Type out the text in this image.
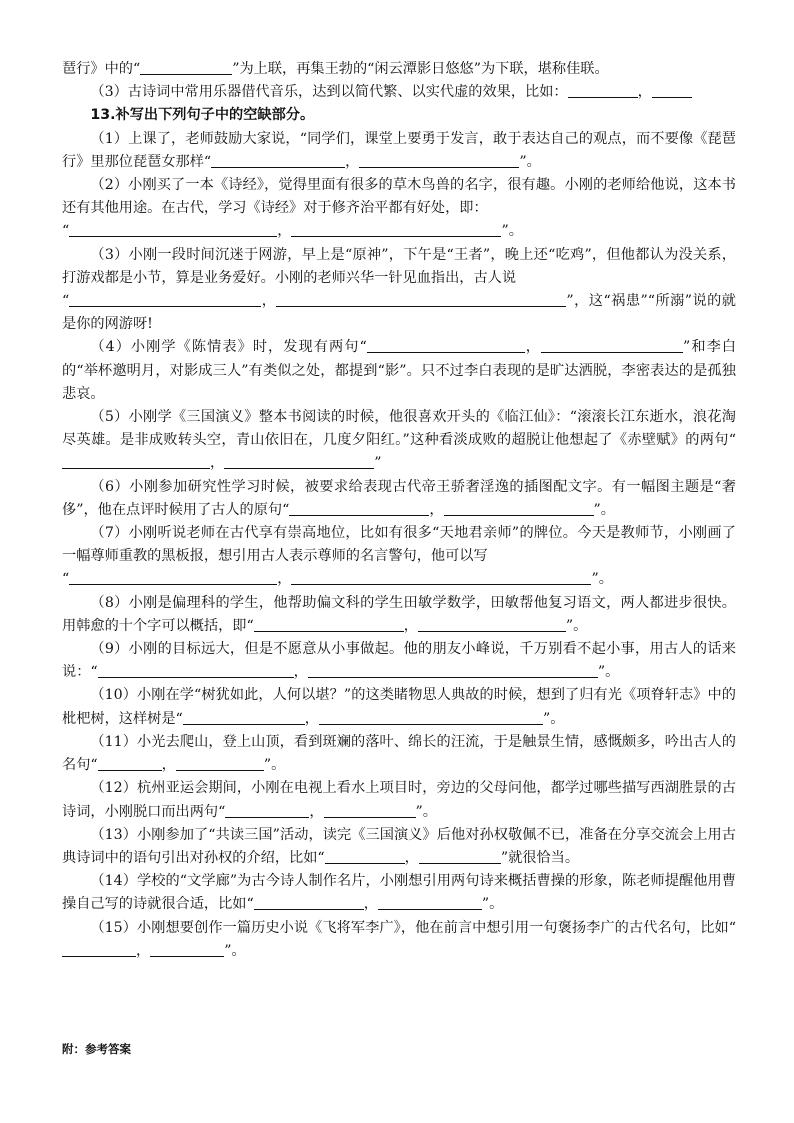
琶行》中的“	”为上联，再集王勃的“闲云潭影日悠悠”为下联，堪称佳联。

（3）古诗词中常用乐器借代音乐，达到以简代繁、以实代虚的效果，比如：	，

13.补写出下列句子中的空缺部分。

（1）上课了，老师鼓励大家说，“同学们，课堂上要勇于发言，敢于表达自己的观点，而不要像《琵琶行》里那位琵琶女那样“	，	”。

（2）小刚买了一本《诗经》，觉得里面有很多的草木鸟兽的名字，很有趣。小刚的老师给他说，这本书还有其他用途。在古代，学习《诗经》对于修齐治平都有好处，即：

“	，	”。

（3）小刚一段时间沉迷于网游，早上是“原神”，下午是“王者”，晚上还“吃鸡”，但他都认为没关系，打游戏都是小节，算是业务爱好。小刚的老师兴华一针见血指出，古人说

“	，	”，这“祸患”“所溺”说的就是你的网游呀!

（4）小刚学《陈情表》时，发现有两句“	，	”和李白的“举杯邀明月，对影成三人”有类似之处，都提到“影”。只不过李白表现的是旷达洒脱，李密表达的是孤独悲哀。

（5）小刚学《三国演义》整本书阅读的时候，他很喜欢开头的《临江仙》：“滚滚长江东逝水，浪花淘尽英雄。是非成败转头空，青山依旧在，几度夕阳红。”这种看淡成败的超脱让他想起了《赤壁赋》的两句“，	”

（6）小刚参加研究性学习时候，被要求给表现古代帝王骄奢淫逸的插图配文字。有一幅图主题是“奢侈”，他在点评时候用了古人的原句“	，	”。

（7）小刚听说老师在古代享有崇高地位，比如有很多“天地君亲师”的牌位。今天是教师节，小刚画了一幅尊师重教的黑板报，想引用古人表示尊师的名言警句，他可以写

“	，	”。

（8）小刚是偏理科的学生，他帮助偏文科的学生田敏学数学，田敏帮他复习语文，两人都进步很快。用韩愈的十个字可以概括，即“	，	”。

（9）小刚的目标远大，但是不愿意从小事做起。他的朋友小峰说，千万别看不起小事，用古人的话来说：“	，	”。

（10）小刚在学“树犹如此，人何以堪？”的这类睹物思人典故的时候，想到了归有光《项脊轩志》中的枇杷树，这样树是“	，	”。

（11）小光去爬山，登上山顶，看到斑斓的落叶、绵长的汪流，于是触景生情，感慨颇多，吟出古人的名句“	，	”。

（12）杭州亚运会期间，小刚在电视上看水上项目时，旁边的父母问他，都学过哪些描写西湖胜景的古诗词，小刚脱口而出两句“	，	”。

（13）小刚参加了“共读三国”活动，读完《三国演义》后他对孙权敬佩不已，准备在分享交流会上用古典诗词中的语句引出对孙权的介绍，比如“	，	”就很恰当。

（14）学校的“文学廊”为古今诗人制作名片，小刚想引用两句诗来概括曹操的形象，陈老师提醒他用曹操自己写的诗就很合适，比如“	，	”。

（15）小刚想要创作一篇历史小说《飞将军李广》，他在前言中想引用一句褒扬李广的古代名句，比如“，	”。

附：参考答案
